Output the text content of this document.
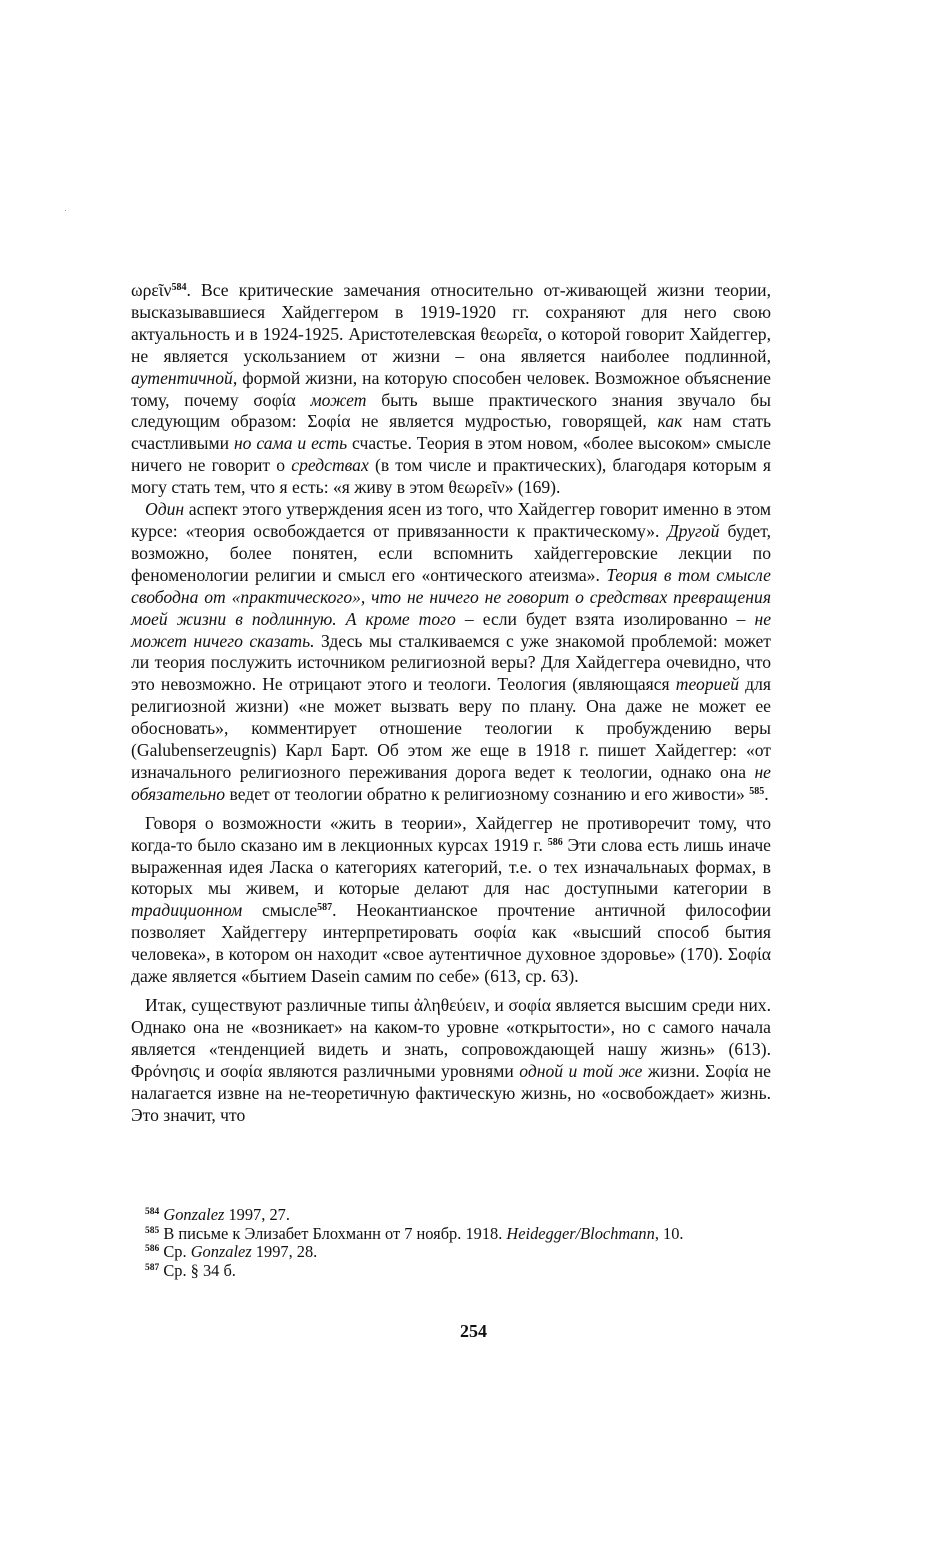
ωρεῖν$^{584}$. Все критические замечания относительно от-живающей жизни теории, высказывавшиеся Хайдеггером в 1919-1920 гг. сохраняют для него свою актуальность и в 1924-1925. Аристотелевская θεωρεῖα, о которой говорит Хайдеггер, не является ускользанием от жизни – она является наиболее подлинной, аутентичной, формой жизни, на которую способен человек. Возможное объяснение тому, почему σοφία может быть выше практического знания звучало бы следующим образом: Σοφία не является мудростью, говорящей, как нам стать счастливыми но сама и есть счастье. Теория в этом новом, «более высоком» смысле ничего не говорит о средствах (в том числе и практических), благодаря которым я могу стать тем, что я есть: «я живу в этом θεωρεῖν» (169).

Один аспект этого утверждения ясен из того, что Хайдеггер говорит именно в этом курсе: «теория освобождается от привязанности к практическому». Другой будет, возможно, более понятен, если вспомнить хайдеггеровские лекции по феноменологии религии и смысл его «онтического атеизма». Теория в том смысле свободна от «практического», что не ничего не говорит о средствах превращения моей жизни в подлинную. А кроме того – если будет взята изолированно – не может ничего сказать. Здесь мы сталкиваемся с уже знакомой проблемой: может ли теория послужить источником религиозной веры? Для Хайдеггера очевидно, что это невозможно. Не отрицают этого и теологи. Теология (являющаяся теорией для религиозной жизни) «не может вызвать веру по плану. Она даже не может ее обосновать», комментирует отношение теологии к пробуждению веры (Galubenserzeugnis) Карл Барт. Об этом же еще в 1918 г. пишет Хайдеггер: «от изначального религиозного переживания дорога ведет к теологии, однако она не обязательно ведет от теологии обратно к религиозному сознанию и его живости» $^{585}$.

Говоря о возможности «жить в теории», Хайдеггер не противоречит тому, что когда-то было сказано им в лекционных курсах 1919 г. $^{586}$ Эти слова есть лишь иначе выраженная идея Ласка о категориях категорий, т.е. о тех изначальнаых формах, в которых мы живем, и которые делают для нас доступными категории в традиционном смысле$^{587}$. Неокантианское прочтение античной философии позволяет Хайдеггеру интерпретировать σοφία как «высший способ бытия человека», в котором он находит «свое аутентичное духовное здоровье» (170). Σοφία даже является «бытием Dasein самим по себе» (613, ср. 63).

Итак, существуют различные типы ἀληθεύειν, и σοφία является высшим среди них. Однако она не «возникает» на каком-то уровне «открытости», но с самого начала является «тенденцией видеть и знать, сопровождающей нашу жизнь» (613). Φρόνησις и σοφία являются различными уровнями одной и той же жизни. Σοφία не налагается извне на не-теоретичную фактическую жизнь, но «освобождает» жизнь. Это значит, что

$^{584}$ Gonzalez 1997, 27.

$^{585}$ В письме к Элизабет Блохманн от 7 ноябр. 1918. Heidegger/Blochmann, 10.

$^{586}$ Ср. Gonzalez 1997, 28.

$^{587}$ Ср. § 34 б.

254
